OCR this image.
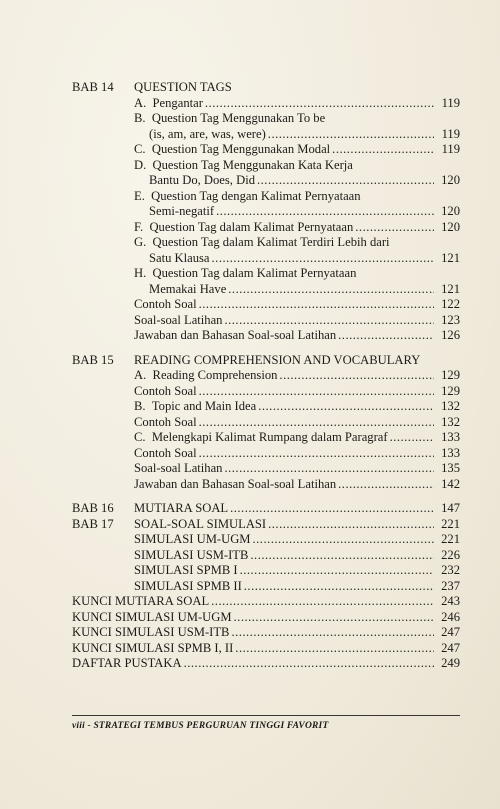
BAB 14	QUESTION TAGS
A. Pengantar .....	119
B. Question Tag Menggunakan To be
(is, am, are, was, were) .....	119
C. Question Tag Menggunakan Modal .....	119
D. Question Tag Menggunakan Kata Kerja
Bantu Do, Does, Did .....	120
E. Question Tag dengan Kalimat Pernyataan
Semi-negatif .....	120
F. Question Tag dalam Kalimat Pernyataan .....	120
G. Question Tag dalam Kalimat Terdiri Lebih dari
Satu Klausa .....	121
H. Question Tag dalam Kalimat Pernyataan
Memakai Have .....	121
Contoh Soal .....	122
Soal-soal Latihan .....	123
Jawaban dan Bahasan Soal-soal Latihan .....	126
BAB 15	READING COMPREHENSION AND VOCABULARY
A. Reading Comprehension .....	129
Contoh Soal .....	129
B. Topic and Main Idea .....	132
Contoh Soal .....	132
C. Melengkapi Kalimat Rumpang dalam Paragraf .....	133
Contoh Soal .....	133
Soal-soal Latihan .....	135
Jawaban dan Bahasan Soal-soal Latihan .....	142
BAB 16	MUTIARA SOAL .....	147
BAB 17	SOAL-SOAL SIMULASI .....	221
SIMULASI UM-UGM .....	221
SIMULASI USM-ITB .....	226
SIMULASI SPMB I .....	232
SIMULASI SPMB II .....	237
KUNCI MUTIARA SOAL .....	243
KUNCI SIMULASI UM-UGM .....	246
KUNCI SIMULASI USM-ITB .....	247
KUNCI SIMULASI SPMB I, II .....	247
DAFTAR PUSTAKA .....	249
viii - STRATEGI TEMBUS PERGURUAN TINGGI FAVORIT
